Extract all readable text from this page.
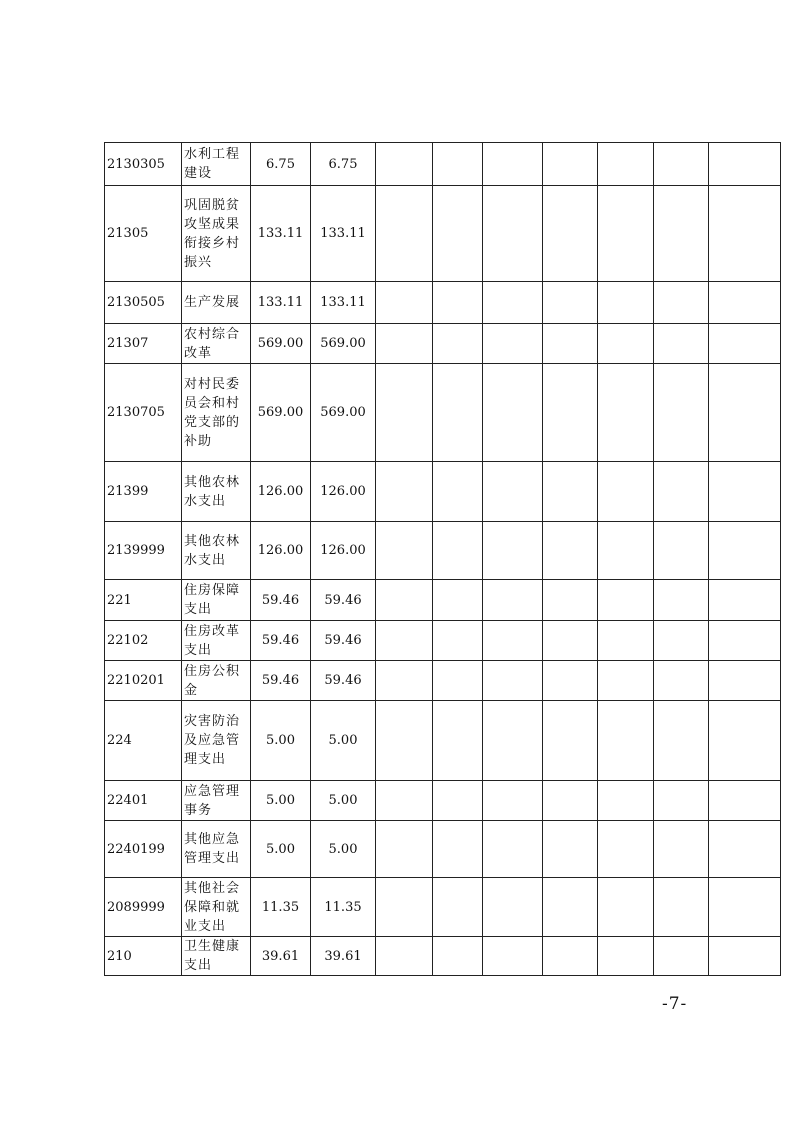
2130305	水利工程建设	6.75	6.75							
21305	巩固脱贫攻坚成果衔接乡村振兴	133.11	133.11							
2130505	生产发展	133.11	133.11							
21307	农村综合改革	569.00	569.00							
2130705	对村民委员会和村党支部的补助	569.00	569.00							
21399	其他农林水支出	126.00	126.00							
2139999	其他农林水支出	126.00	126.00							
221	住房保障支出	59.46	59.46							
22102	住房改革支出	59.46	59.46							
2210201	住房公积金	59.46	59.46							
224	灾害防治及应急管理支出	5.00	5.00							
22401	应急管理事务	5.00	5.00							
2240199	其他应急管理支出	5.00	5.00							
2089999	其他社会保障和就业支出	11.35	11.35							
210	卫生健康支出	39.61	39.61							
-7-
